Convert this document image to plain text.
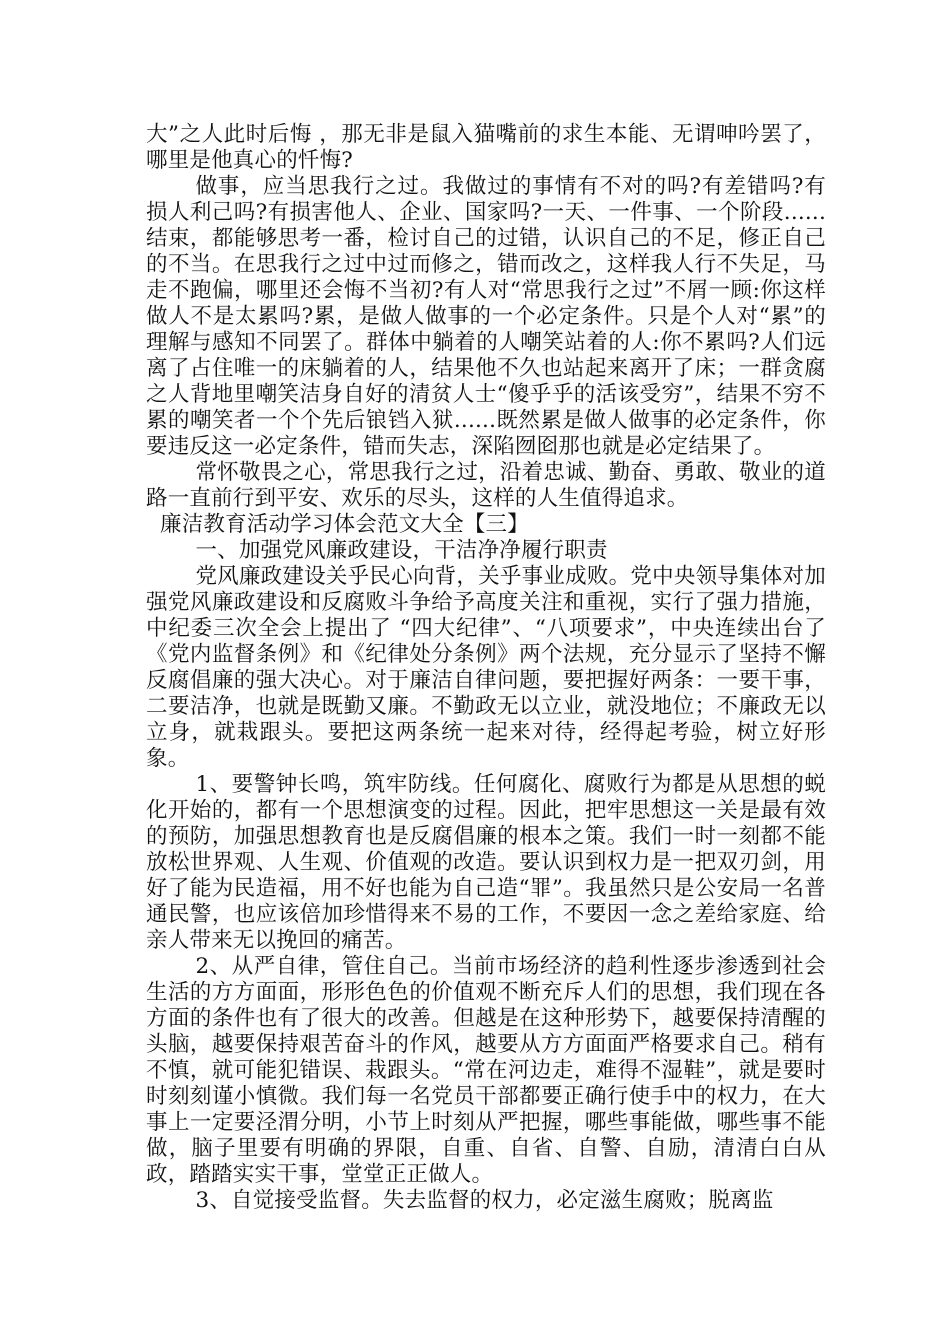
大”之人此时后悔 ，那无非是鼠入猫嘴前的求生本能、无谓呻吟罢了，哪里是他真心的忏悔?

做事，应当思我行之过。我做过的事情有不对的吗?有差错吗?有损人利己吗?有损害他人、企业、国家吗?一天、一件事、一个阶段......结束，都能够思考一番，检讨自己的过错，认识自己的不足，修正自己的不当。在思我行之过中过而修之，错而改之，这样我人行不失足，马走不跑偏，哪里还会悔不当初?有人对“常思我行之过”不屑一顾:你这样做人不是太累吗?累，是做人做事的一个必定条件。只是个人对“累”的理解与感知不同罢了。群体中躺着的人嘲笑站着的人:你不累吗?人们远离了占住唯一的床躺着的人，结果他不久也站起来离开了床；一群贪腐之人背地里嘲笑洁身自好的清贫人士“傻乎乎的活该受穷”，结果不穷不累的嘲笑者一个个先后锒铛入狱......既然累是做人做事的必定条件，你要违反这一必定条件，错而失志，深陷囫囵那也就是必定结果了。

常怀敬畏之心，常思我行之过，沿着忠诚、勤奋、勇敢、敬业的道路一直前行到平安、欢乐的尽头，这样的人生值得追求。

廉洁教育活动学习体会范文大全【三】

一、加强党风廉政建设，干洁净净履行职责

党风廉政建设关乎民心向背，关乎事业成败。党中央领导集体对加强党风廉政建设和反腐败斗争给予高度关注和重视，实行了强力措施，中纪委三次全会上提出了 “四大纪律”、“八项要求”，中央连续出台了《党内监督条例》和《纪律处分条例》两个法规，充分显示了坚持不懈反腐倡廉的强大决心。对于廉洁自律问题，要把握好两条：一要干事，二要洁净，也就是既勤又廉。不勤政无以立业，就没地位；不廉政无以立身，就栽跟头。要把这两条统一起来对待，经得起考验，树立好形象。

1、要警钟长鸣，筑牢防线。任何腐化、腐败行为都是从思想的蜕化开始的，都有一个思想演变的过程。因此，把牢思想这一关是最有效的预防，加强思想教育也是反腐倡廉的根本之策。我们一时一刻都不能放松世界观、人生观、价值观的改造。要认识到权力是一把双刃剑，用好了能为民造福，用不好也能为自己造“罪”。我虽然只是公安局一名普通民警，也应该倍加珍惜得来不易的工作，不要因一念之差给家庭、给亲人带来无以挽回的痛苦。

2、从严自律，管住自己。当前市场经济的趋利性逐步渗透到社会生活的方方面面，形形色色的价值观不断充斥人们的思想，我们现在各方面的条件也有了很大的改善。但越是在这种形势下，越要保持清醒的头脑，越要保持艰苦奋斗的作风，越要从方方面面严格要求自己。稍有不慎，就可能犯错误、栽跟头。“常在河边走，难得不湿鞋”，就是要时时刻刻谨小慎微。我们每一名党员干部都要正确行使手中的权力，在大事上一定要泾渭分明，小节上时刻从严把握，哪些事能做，哪些事不能做，脑子里要有明确的界限，自重、自省、自警、自励，清清白白从政，踏踏实实干事，堂堂正正做人。

3、自觉接受监督。失去监督的权力，必定滋生腐败；脱离监
